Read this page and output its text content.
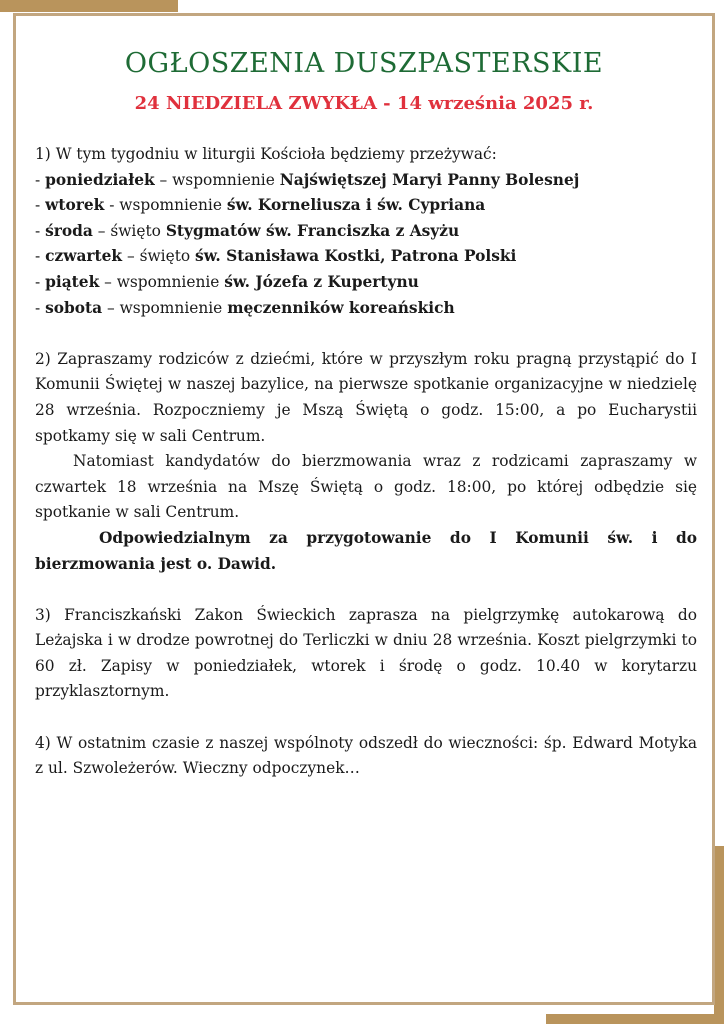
OGŁOSZENIA DUSZPASTERSKIE
24 NIEDZIELA ZWYKŁA - 14 września 2025 r.
1) W tym tygodniu w liturgii Kościoła będziemy przeżywać:
- poniedziałek – wspomnienie Najświętszej Maryi Panny Bolesnej
- wtorek - wspomnienie św. Korneliusza i św. Cypriana
- środa – święto Stygmatów św. Franciszka z Asyżu
- czwartek – święto św. Stanisława Kostki, Patrona Polski
- piątek – wspomnienie św. Józefa z Kupertynu
- sobota – wspomnienie męczenników koreańskich
2) Zapraszamy rodziców z dziećmi, które w przyszłym roku pragną przystąpić do I Komunii Świętej w naszej bazylice, na pierwsze spotkanie organizacyjne w niedzielę 28 września. Rozpoczniemy je Mszą Świętą o godz. 15:00, a po Eucharystii spotkamy się w sali Centrum.
Natomiast kandydatów do bierzmowania wraz z rodzicami zapraszamy w czwartek 18 września na Mszę Świętą o godz. 18:00, po której odbędzie się spotkanie w sali Centrum.
Odpowiedzialnym za przygotowanie do I Komunii św. i do bierzmowania jest o. Dawid.
3) Franciszkański Zakon Świeckich zaprasza na pielgrzymkę autokarową do Leżajska i w drodze powrotnej do Terliczki w dniu 28 września. Koszt pielgrzymki to 60 zł. Zapisy w poniedziałek, wtorek i środę o godz. 10.40 w korytarzu przyklasztornym.
4) W ostatnim czasie z naszej wspólnoty odszedł do wieczności: śp. Edward Motyka z ul. Szwoleżerów. Wieczny odpoczynek…
